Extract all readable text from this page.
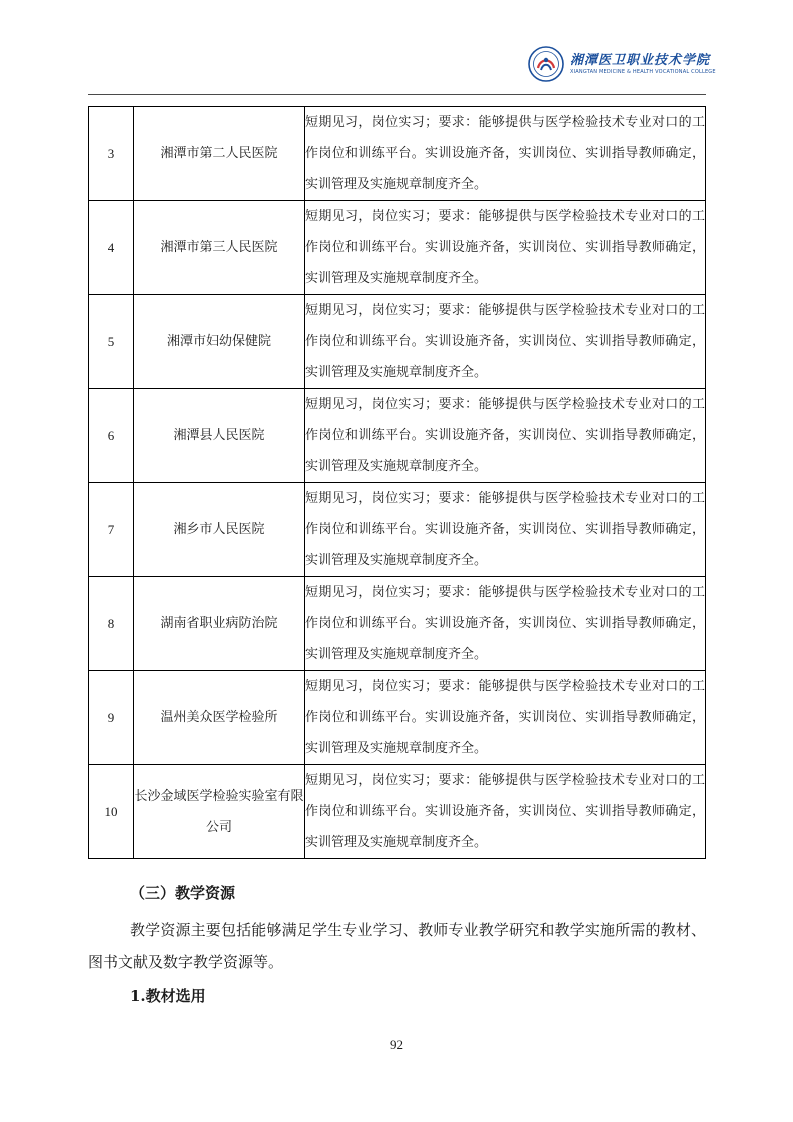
湘潭医卫职业技术学院
XIANGTAN MEDICINE & HEALTH VOCATIONAL COLLEGE
3	湘潭市第二人民医院	短期见习，岗位实习；要求：能够提供与医学检验技术专业对口的工作岗位和训练平台。实训设施齐备，实训岗位、实训指导教师确定，实训管理及实施规章制度齐全。
4	湘潭市第三人民医院	短期见习，岗位实习；要求：能够提供与医学检验技术专业对口的工作岗位和训练平台。实训设施齐备，实训岗位、实训指导教师确定，实训管理及实施规章制度齐全。
5	湘潭市妇幼保健院	短期见习，岗位实习；要求：能够提供与医学检验技术专业对口的工作岗位和训练平台。实训设施齐备，实训岗位、实训指导教师确定，实训管理及实施规章制度齐全。
6	湘潭县人民医院	短期见习，岗位实习；要求：能够提供与医学检验技术专业对口的工作岗位和训练平台。实训设施齐备，实训岗位、实训指导教师确定，实训管理及实施规章制度齐全。
7	湘乡市人民医院	短期见习，岗位实习；要求：能够提供与医学检验技术专业对口的工作岗位和训练平台。实训设施齐备，实训岗位、实训指导教师确定，实训管理及实施规章制度齐全。
8	湖南省职业病防治院	短期见习，岗位实习；要求：能够提供与医学检验技术专业对口的工作岗位和训练平台。实训设施齐备，实训岗位、实训指导教师确定，实训管理及实施规章制度齐全。
9	温州美众医学检验所	短期见习，岗位实习；要求：能够提供与医学检验技术专业对口的工作岗位和训练平台。实训设施齐备，实训岗位、实训指导教师确定，实训管理及实施规章制度齐全。
10	长沙金域医学检验实验室有限公司	短期见习，岗位实习；要求：能够提供与医学检验技术专业对口的工作岗位和训练平台。实训设施齐备，实训岗位、实训指导教师确定，实训管理及实施规章制度齐全。
（三）教学资源

教学资源主要包括能够满足学生专业学习、教师专业教学研究和教学实施所需的教材、 图书文献及数字教学资源等。

1.教材选用
92
